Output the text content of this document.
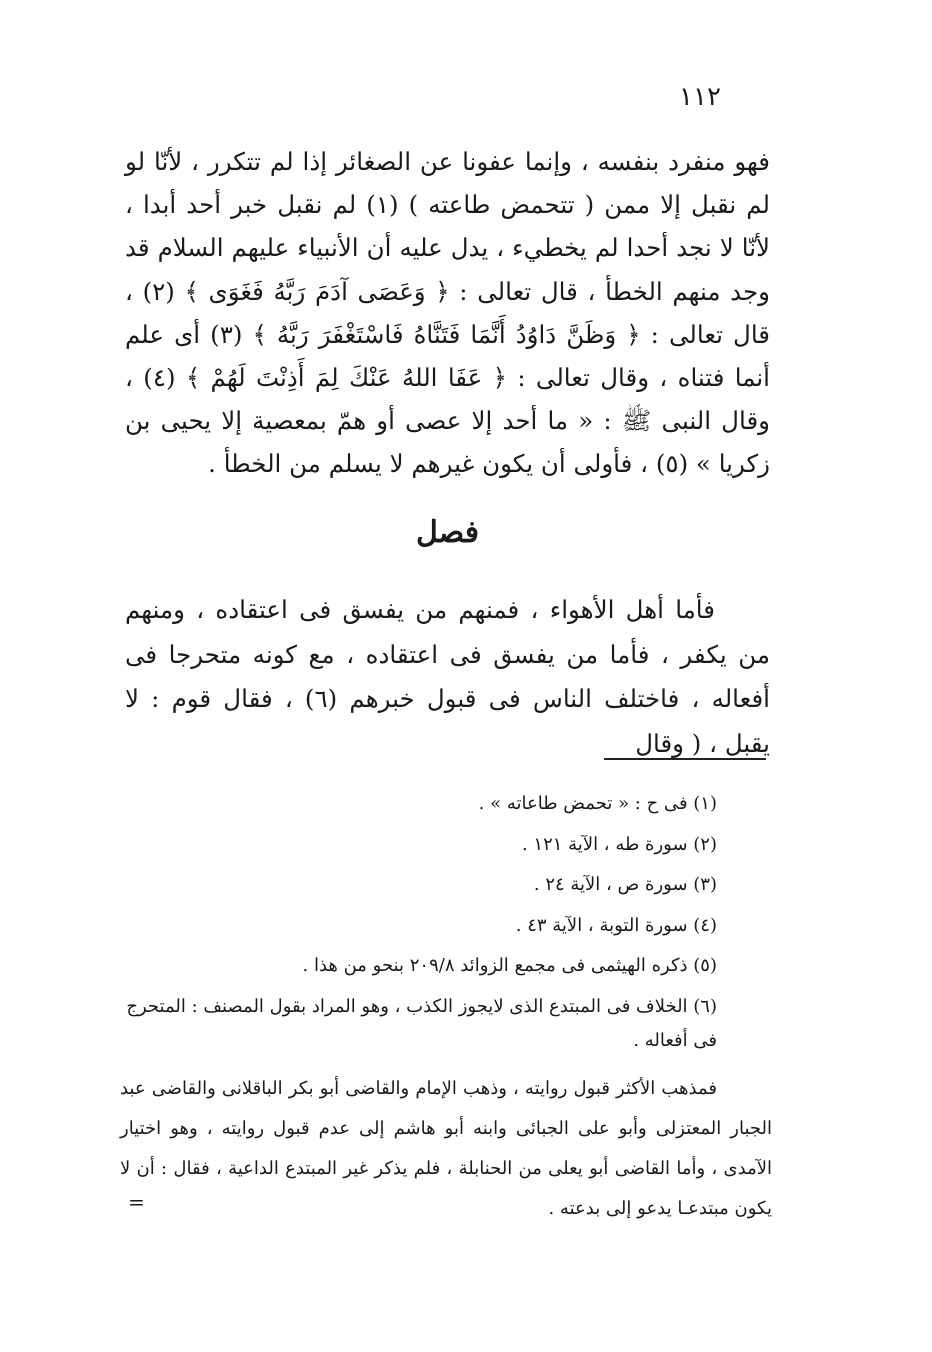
١١٢

فهو منفرد بنفسه ، وإنما عفونا عن الصغائر إذا لم تتكرر ، لأنّا لو لم نقبل إلا ممن ( تتحمض طاعته ) (١) لم نقبل خبر أحد أبدا ، لأنّا لا نجد أحدا لم يخطيء ، يدل عليه أن الأنبياء عليهم السلام قد وجد منهم الخطأ ، قال تعالى : ﴿ وَعَصَى آدَمَ رَبَّهُ فَغَوَى ﴾ (٢) ، قال تعالى : ﴿ وَظَنَّ دَاوُدُ أَنَّمَا فَتَنَّاهُ فَاسْتَغْفَرَ رَبَّهُ ﴾ (٣) أى علم أنما فتناه ، وقال تعالى : ﴿ عَفَا اللهُ عَنْكَ لِمَ أَذِنْتَ لَهُمْ ﴾ (٤) ، وقال النبى ﷺ : « ما أحد إلا عصى أو همّ بمعصية إلا يحيى بن زكريا » (٥) ، فأولى أن يكون غيرهم لا يسلم من الخطأ .

فصل

فأما أهل الأهواء ، فمنهم من يفسق فى اعتقاده ، ومنهم من يكفر ، فأما من يفسق فى اعتقاده ، مع كونه متحرجا فى أفعاله ، فاختلف الناس فى قبول خبرهم (٦) ، فقال قوم : لا يقبل ، ( وقال

(١) فى ح : « تحمض طاعاته » .
(٢) سورة طه ، الآية ١٢١ .
(٣) سورة ص ، الآية ٢٤ .
(٤) سورة التوبة ، الآية ٤٣ .
(٥) ذكره الهيثمى فى مجمع الزوائد ٢٠٩/٨ بنحو من هذا .
(٦) الخلاف فى المبتدع الذى لايجوز الكذب ، وهو المراد بقول المصنف : المتحرج فى أفعاله .

فمذهب الأكثر قبول روايته ، وذهب الإمام والقاضى أبو بكر الباقلانى والقاضى عبد الجبار المعتزلى وأبو على الجبائى وابنه أبو هاشم إلى عدم قبول روايته ، وهو اختيار الآمدى ، وأما القاضى أبو يعلى من الحنابلة ، فلم يذكر غير المبتدع الداعية ، فقال : أن لا يكون مبتدعـا يدعو إلى بدعته .

=
